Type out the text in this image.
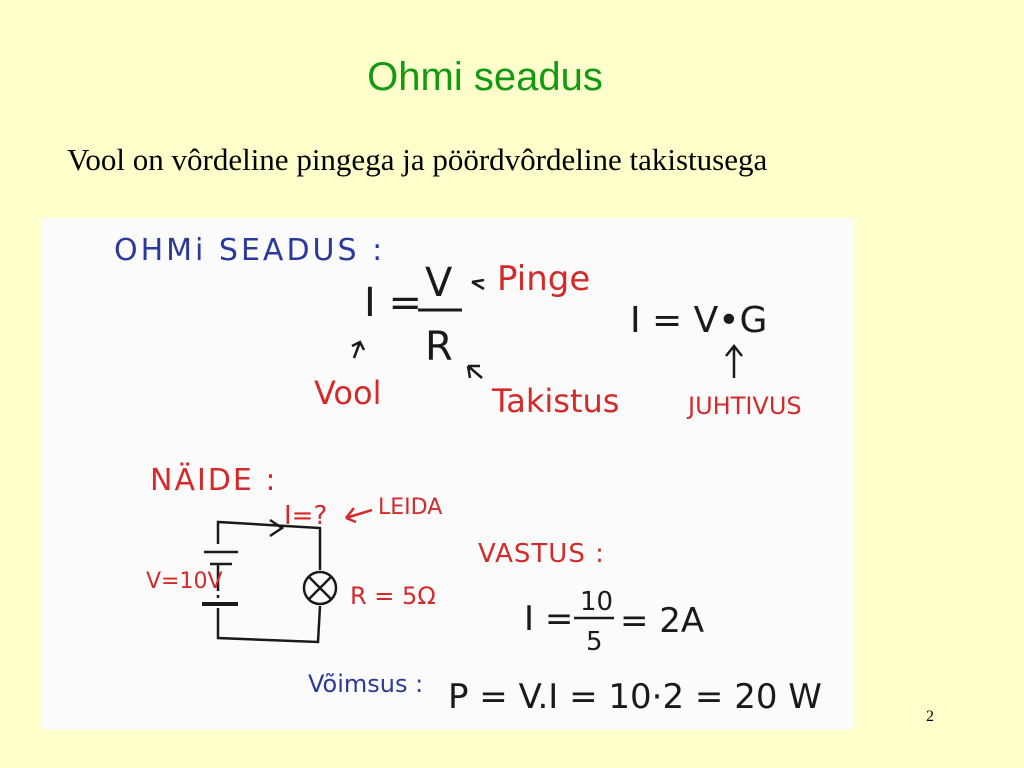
Ohmi seadus
Vool on vôrdeline pingega ja pöördvôrdeline takistusega
OHMi SEADUS :
I = V
R
Pinge
Vool	Takistus
I = V•G
JUHTIVUS
NÄIDE :
I=? LEIDA
V=10V
R = 5Ω
VASTUS :
I = 10
5
= 2A
Võimsus : P = V.I = 10·2 = 20 W	2
